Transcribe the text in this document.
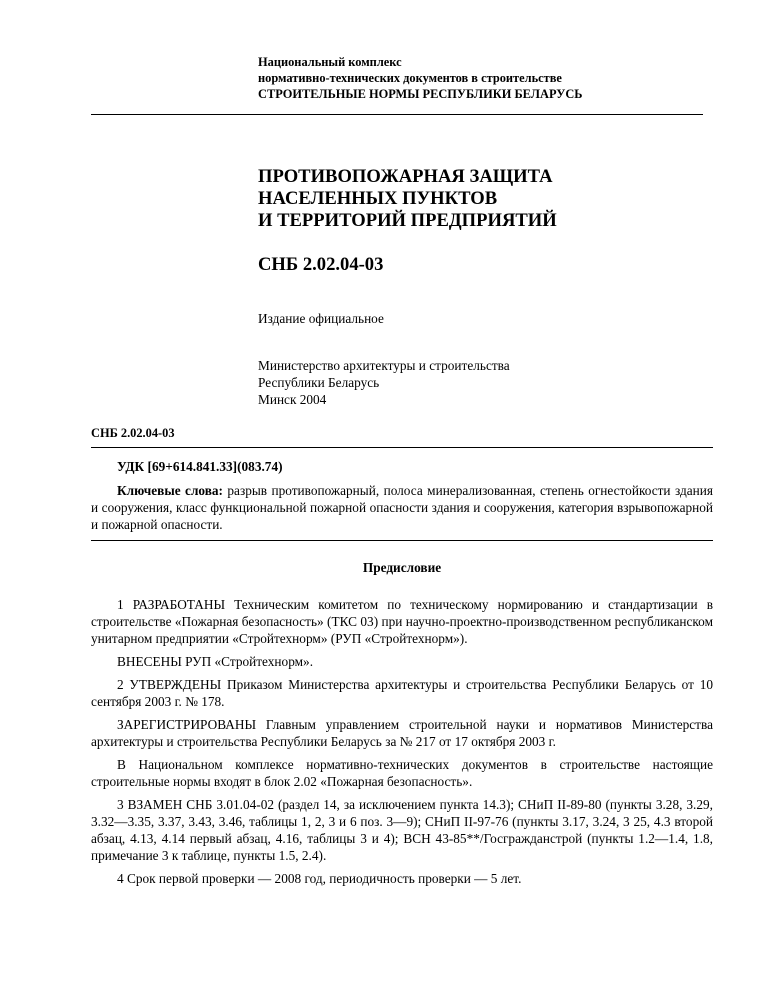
Национальный комплекс
нормативно-технических документов в строительстве
СТРОИТЕЛЬНЫЕ НОРМЫ РЕСПУБЛИКИ БЕЛАРУСЬ
ПРОТИВОПОЖАРНАЯ ЗАЩИТА
НАСЕЛЕННЫХ ПУНКТОВ
И ТЕРРИТОРИЙ ПРЕДПРИЯТИЙ
СНБ 2.02.04-03
Издание официальное
Министерство архитектуры и строительства
Республики Беларусь
Минск 2004
СНБ 2.02.04-03
УДК [69+614.841.33](083.74)
Ключевые слова: разрыв противопожарный, полоса минерализованная, степень огнестойкости здания и сооружения, класс функциональной пожарной опасности здания и сооружения, категория взрывопожарной и пожарной опасности.
Предисловие

1 РАЗРАБОТАНЫ Техническим комитетом по техническому нормированию и стандартизации в строительстве «Пожарная безопасность» (ТКС 03) при научно-проектно-производственном республиканском унитарном предприятии «Стройтехнорм» (РУП «Стройтехнорм»).

ВНЕСЕНЫ РУП «Стройтехнорм».

2 УТВЕРЖДЕНЫ Приказом Министерства архитектуры и строительства Республики Беларусь от 10 сентября 2003 г. № 178.

ЗАРЕГИСТРИРОВАНЫ Главным управлением строительной науки и нормативов Министерства архитектуры и строительства Республики Беларусь за № 217 от 17 октября 2003 г.

В Национальном комплексе нормативно-технических документов в строительстве настоящие строительные нормы входят в блок 2.02 «Пожарная безопасность».

3 ВЗАМЕН СНБ 3.01.04-02 (раздел 14, за исключением пункта 14.3); СНиП II-89-80 (пункты 3.28, 3.29, 3.32—3.35, 3.37, 3.43, 3.46, таблицы 1, 2, 3 и 6 поз. 3—9); СНиП II-97-76 (пункты 3.17, 3.24, 3 25, 4.3 второй абзац, 4.13, 4.14 первый абзац, 4.16, таблицы 3 и 4); ВСН 43-85**/Госгражданстрой (пункты 1.2—1.4, 1.8, примечание 3 к таблице, пункты 1.5, 2.4).

4 Срок первой проверки — 2008 год, периодичность проверки — 5 лет.
